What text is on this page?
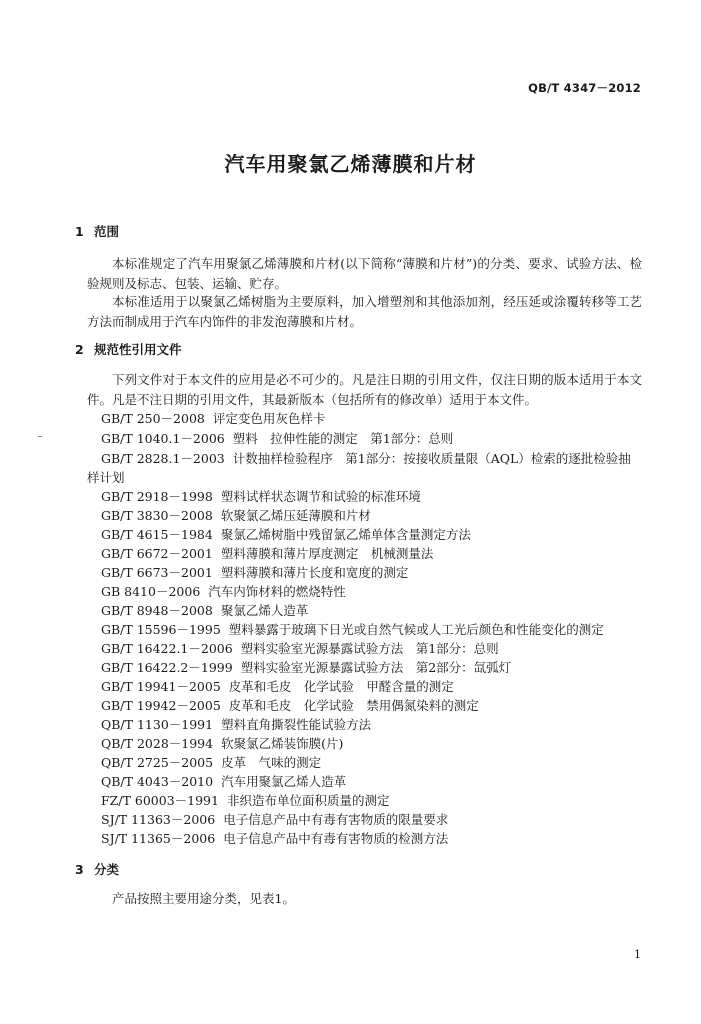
QB/T 4347－2012
汽车用聚氯乙烯薄膜和片材
1 范围
本标准规定了汽车用聚氯乙烯薄膜和片材(以下简称“薄膜和片材”)的分类、要求、试验方法、检验规则及标志、包装、运输、贮存。
本标准适用于以聚氯乙烯树脂为主要原料，加入增塑剂和其他添加剂，经压延或涂覆转移等工艺方法而制成用于汽车内饰件的非发泡薄膜和片材。
2 规范性引用文件
下列文件对于本文件的应用是必不可少的。凡是注日期的引用文件，仅注日期的版本适用于本文件。凡是不注日期的引用文件，其最新版本（包括所有的修改单）适用于本文件。
GB/T 250－2008 评定变色用灰色样卡
GB/T 1040.1－2006 塑料　拉伸性能的测定　第1部分：总则
GB/T 2828.1－2003 计数抽样检验程序　第1部分：按接收质量限（AQL）检索的逐批检验抽样计划
GB/T 2918－1998 塑料试样状态调节和试验的标准环境
GB/T 3830－2008 软聚氯乙烯压延薄膜和片材
GB/T 4615－1984 聚氯乙烯树脂中残留氯乙烯单体含量测定方法
GB/T 6672－2001 塑料薄膜和薄片厚度测定　机械测量法
GB/T 6673－2001 塑料薄膜和薄片长度和宽度的测定
GB 8410－2006 汽车内饰材料的燃烧特性
GB/T 8948－2008 聚氯乙烯人造革
GB/T 15596－1995 塑料暴露于玻璃下日光或自然气候或人工光后颜色和性能变化的测定
GB/T 16422.1－2006 塑料实验室光源暴露试验方法　第1部分：总则
GB/T 16422.2－1999 塑料实验室光源暴露试验方法　第2部分：氙弧灯
GB/T 19941－2005 皮革和毛皮　化学试验　甲醛含量的测定
GB/T 19942－2005 皮革和毛皮　化学试验　禁用偶氮染料的测定
QB/T 1130－1991 塑料直角撕裂性能试验方法
QB/T 2028－1994 软聚氯乙烯装饰膜(片)
QB/T 2725－2005 皮革　气味的测定
QB/T 4043－2010 汽车用聚氯乙烯人造革
FZ/T 60003－1991 非织造布单位面积质量的测定
SJ/T 11363－2006 电子信息产品中有毒有害物质的限量要求
SJ/T 11365－2006 电子信息产品中有毒有害物质的检测方法
3 分类
产品按照主要用途分类，见表1。
1
